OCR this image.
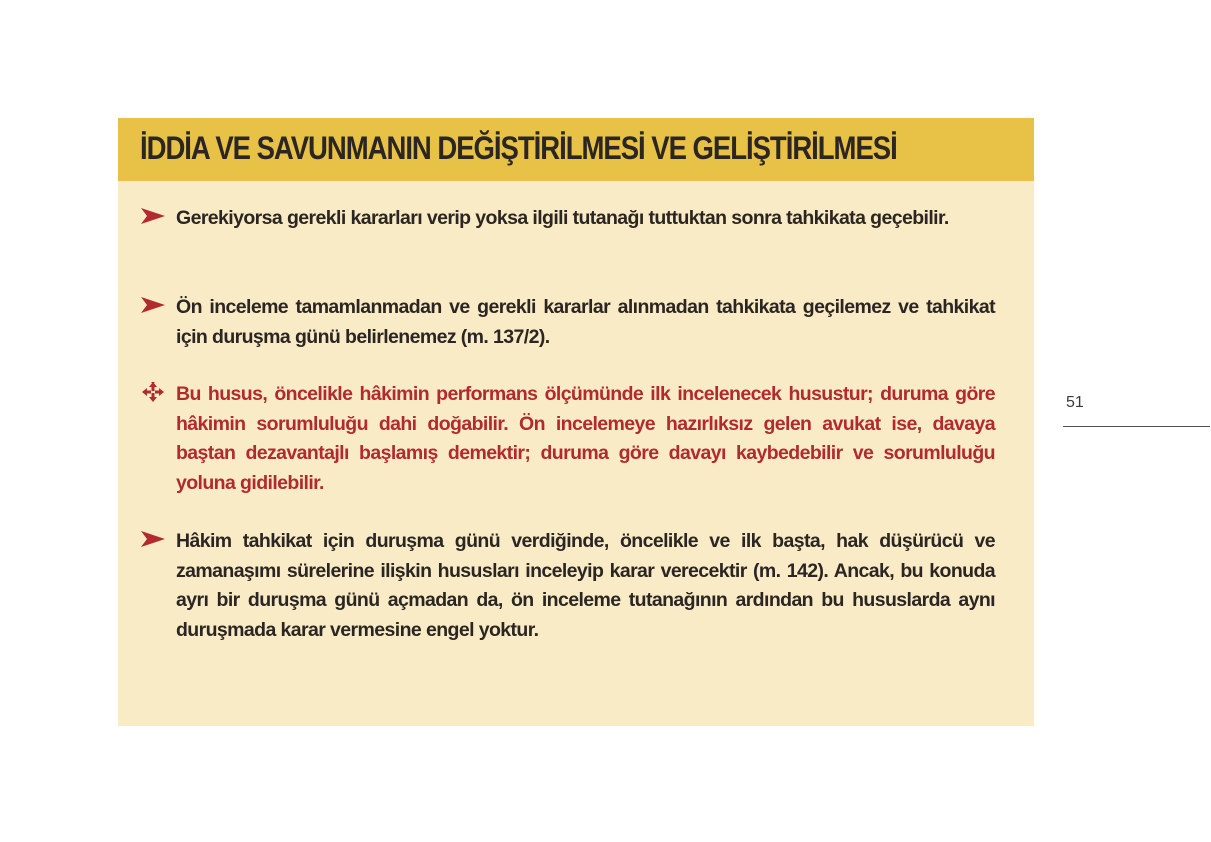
İDDİA VE SAVUNMANIN DEĞİŞTİRİLMESİ VE GELİŞTİRİLMESİ

Gerekiyorsa gerekli kararları verip yoksa ilgili tutanağı tuttuktan sonra tahkikata geçebilir.

Ön inceleme tamamlanmadan ve gerekli kararlar alınmadan tahkikata geçilemez ve tahkikat için duruşma günü belirlenemez (m. 137/2).

Bu husus, öncelikle hâkimin performans ölçümünde ilk incelenecek husustur; duruma göre hâkimin sorumluluğu dahi doğabilir. Ön incelemeye hazırlıksız gelen avukat ise, davaya baştan dezavantajlı başlamış demektir; duruma göre davayı kaybedebilir ve sorumluluğu yoluna gidilebilir.

Hâkim tahkikat için duruşma günü verdiğinde, öncelikle ve ilk başta, hak düşürücü ve zamanaşımı sürelerine ilişkin hususları inceleyip karar verecektir (m. 142). Ancak, bu konuda ayrı bir duruşma günü açmadan da, ön inceleme tutanağının ardından bu hususlarda aynı duruşmada karar vermesine engel yoktur.

51
